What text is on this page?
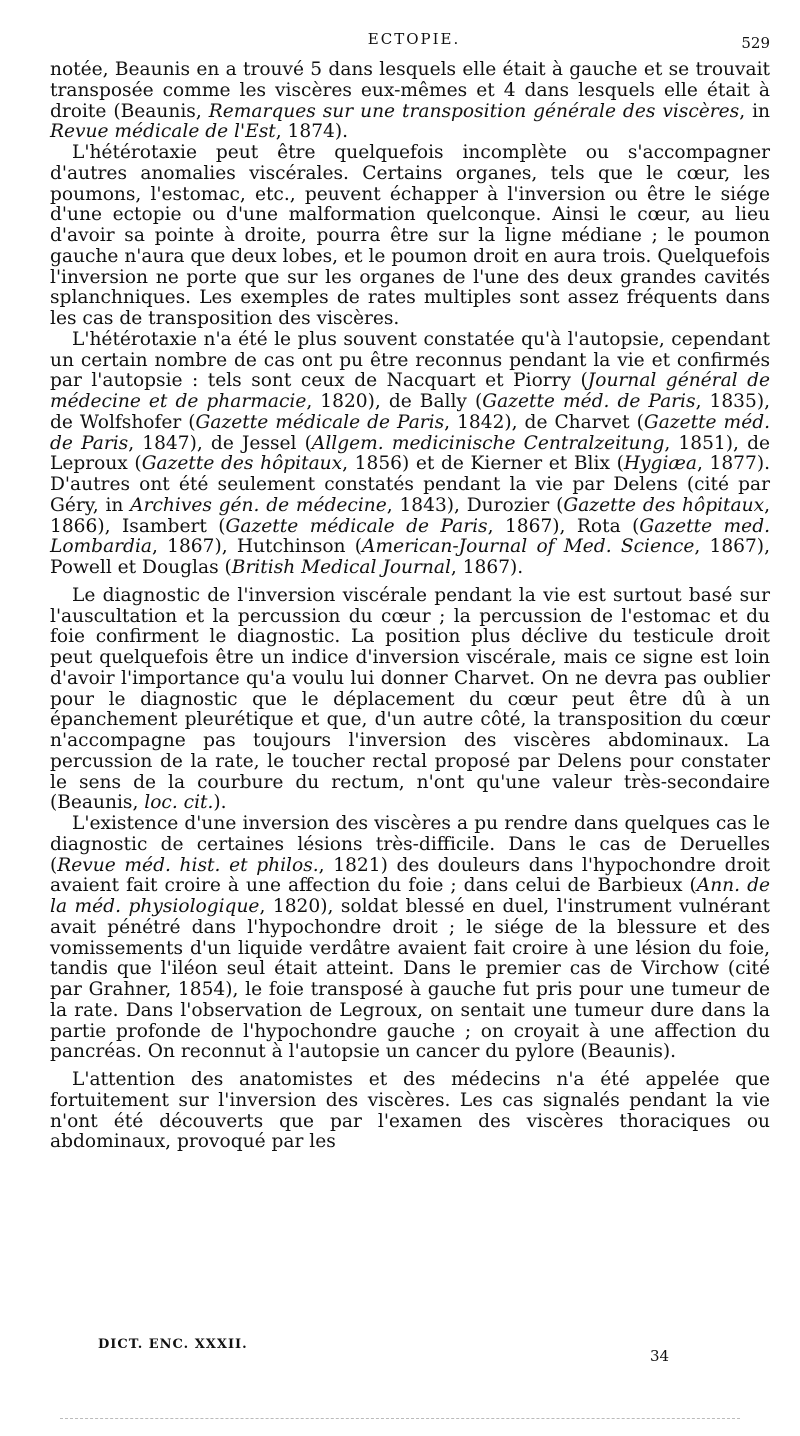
ECTOPIE.	529

notée, Beaunis en a trouvé 5 dans lesquels elle était à gauche et se trouvait transposée comme les viscères eux-mêmes et 4 dans lesquels elle était à droite (Beaunis, Remarques sur une transposition générale des viscères, in Revue médicale de l'Est, 1874).

L'hétérotaxie peut être quelquefois incomplète ou s'accompagner d'autres anomalies viscérales. Certains organes, tels que le cœur, les poumons, l'estomac, etc., peuvent échapper à l'inversion ou être le siége d'une ectopie ou d'une malformation quelconque. Ainsi le cœur, au lieu d'avoir sa pointe à droite, pourra être sur la ligne médiane ; le poumon gauche n'aura que deux lobes, et le poumon droit en aura trois. Quelquefois l'inversion ne porte que sur les organes de l'une des deux grandes cavités splanchniques. Les exemples de rates multiples sont assez fréquents dans les cas de transposition des viscères.

L'hétérotaxie n'a été le plus souvent constatée qu'à l'autopsie, cependant un certain nombre de cas ont pu être reconnus pendant la vie et confirmés par l'autopsie : tels sont ceux de Nacquart et Piorry (Journal général de médecine et de pharmacie, 1820), de Bally (Gazette méd. de Paris, 1835), de Wolfshofer (Gazette médicale de Paris, 1842), de Charvet (Gazette méd. de Paris, 1847), de Jessel (Allgem. medicinische Centralzeitung, 1851), de Leproux (Gazette des hôpitaux, 1856) et de Kierner et Blix (Hygiæa, 1877). D'autres ont été seulement constatés pendant la vie par Delens (cité par Géry, in Archives gén. de médecine, 1843), Durozier (Gazette des hôpitaux, 1866), Isambert (Gazette médicale de Paris, 1867), Rota (Gazette med. Lombardia, 1867), Hutchinson (American-Journal of Med. Science, 1867), Powell et Douglas (British Medical Journal, 1867).

Le diagnostic de l'inversion viscérale pendant la vie est surtout basé sur l'auscultation et la percussion du cœur ; la percussion de l'estomac et du foie confirment le diagnostic. La position plus déclive du testicule droit peut quelquefois être un indice d'inversion viscérale, mais ce signe est loin d'avoir l'importance qu'a voulu lui donner Charvet. On ne devra pas oublier pour le diagnostic que le déplacement du cœur peut être dû à un épanchement pleurétique et que, d'un autre côté, la transposition du cœur n'accompagne pas toujours l'inversion des viscères abdominaux. La percussion de la rate, le toucher rectal proposé par Delens pour constater le sens de la courbure du rectum, n'ont qu'une valeur très-secondaire (Beaunis, loc. cit.).

L'existence d'une inversion des viscères a pu rendre dans quelques cas le diagnostic de certaines lésions très-difficile. Dans le cas de Deruelles (Revue méd. hist. et philos., 1821) des douleurs dans l'hypochondre droit avaient fait croire à une affection du foie ; dans celui de Barbieux (Ann. de la méd. physiologique, 1820), soldat blessé en duel, l'instrument vulnérant avait pénétré dans l'hypochondre droit ; le siége de la blessure et des vomissements d'un liquide verdâtre avaient fait croire à une lésion du foie, tandis que l'iléon seul était atteint. Dans le premier cas de Virchow (cité par Grahner, 1854), le foie transposé à gauche fut pris pour une tumeur de la rate. Dans l'observation de Legroux, on sentait une tumeur dure dans la partie profonde de l'hypochondre gauche ; on croyait à une affection du pancréas. On reconnut à l'autopsie un cancer du pylore (Beaunis).

L'attention des anatomistes et des médecins n'a été appelée que fortuitement sur l'inversion des viscères. Les cas signalés pendant la vie n'ont été découverts que par l'examen des viscères thoraciques ou abdominaux, provoqué par les

DICT. ENC. XXXII.
34
